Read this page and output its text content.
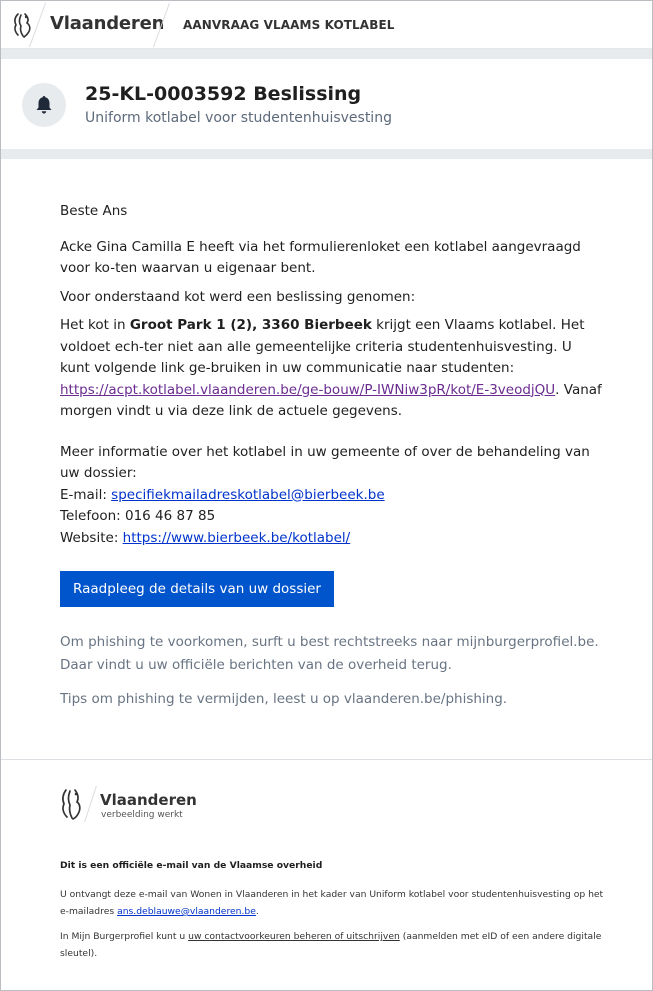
Vlaanderen AANVRAAG VLAAMS KOTLABEL
25-KL-0003592 Beslissing
Uniform kotlabel voor studentenhuisvesting

Beste Ans

Acke Gina Camilla E heeft via het formulierenloket een kotlabel aangevraagd voor ko-ten waarvan u eigenaar bent.

Voor onderstaand kot werd een beslissing genomen:

Het kot in Groot Park 1 (2), 3360 Bierbeek krijgt een Vlaams kotlabel. Het voldoet ech-ter niet aan alle gemeentelijke criteria studentenhuisvesting. U kunt volgende link ge-bruiken in uw communicatie naar studenten: https://acpt.kotlabel.vlaanderen.be/ge-bouw/P-IWNiw3pR/kot/E-3veodjQU. Vanaf morgen vindt u via deze link de actuele gegevens.

Meer informatie over het kotlabel in uw gemeente of over de behandeling van uw dossier:
E-mail: specifiekmailadreskotlabel@bierbeek.be
Telefoon: 016 46 87 85
Website: https://www.bierbeek.be/kotlabel/
Raadpleeg de details van uw dossier

Om phishing te voorkomen, surft u best rechtstreeks naar mijnburgerprofiel.be. Daar vindt u uw officiële berichten van de overheid terug.

Tips om phishing te vermijden, leest u op vlaanderen.be/phishing.

Vlaanderen
verbeelding werkt

Dit is een officiële e-mail van de Vlaamse overheid

U ontvangt deze e-mail van Wonen in Vlaanderen in het kader van Uniform kotlabel voor studentenhuisvesting op het e-mailadres ans.deblauwe@vlaanderen.be.

In Mijn Burgerprofiel kunt u uw contactvoorkeuren beheren of uitschrijven (aanmelden met eID of een andere digitale sleutel).
